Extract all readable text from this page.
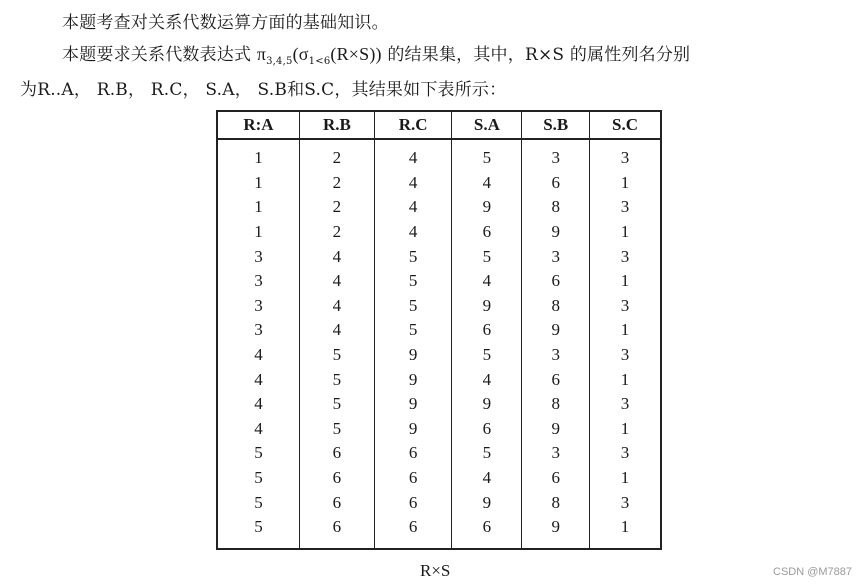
本题考查对关系代数运算方面的基础知识。
本题要求关系代数表达式 $\pi_{3,4,5}(\sigma_{1<6}(R\times S))$ 的结果集，其中，R×S 的属性列名分别
为R..A， R.B， R.C， S.A， S.B和S.C，其结果如下表所示：
R:A	R.B	R.C	S.A	S.B	S.C
1	2	4	5	3	3
1	2	4	4	6	1
1	2	4	9	8	3
1	2	4	6	9	1
3	4	5	5	3	3
3	4	5	4	6	1
3	4	5	9	8	3
3	4	5	6	9	1
4	5	9	5	3	3
4	5	9	4	6	1
4	5	9	9	8	3
4	5	9	6	9	1
5	6	6	5	3	3
5	6	6	4	6	1
5	6	6	9	8	3
5	6	6	6	9	1
R×S	CSDN @M7887
